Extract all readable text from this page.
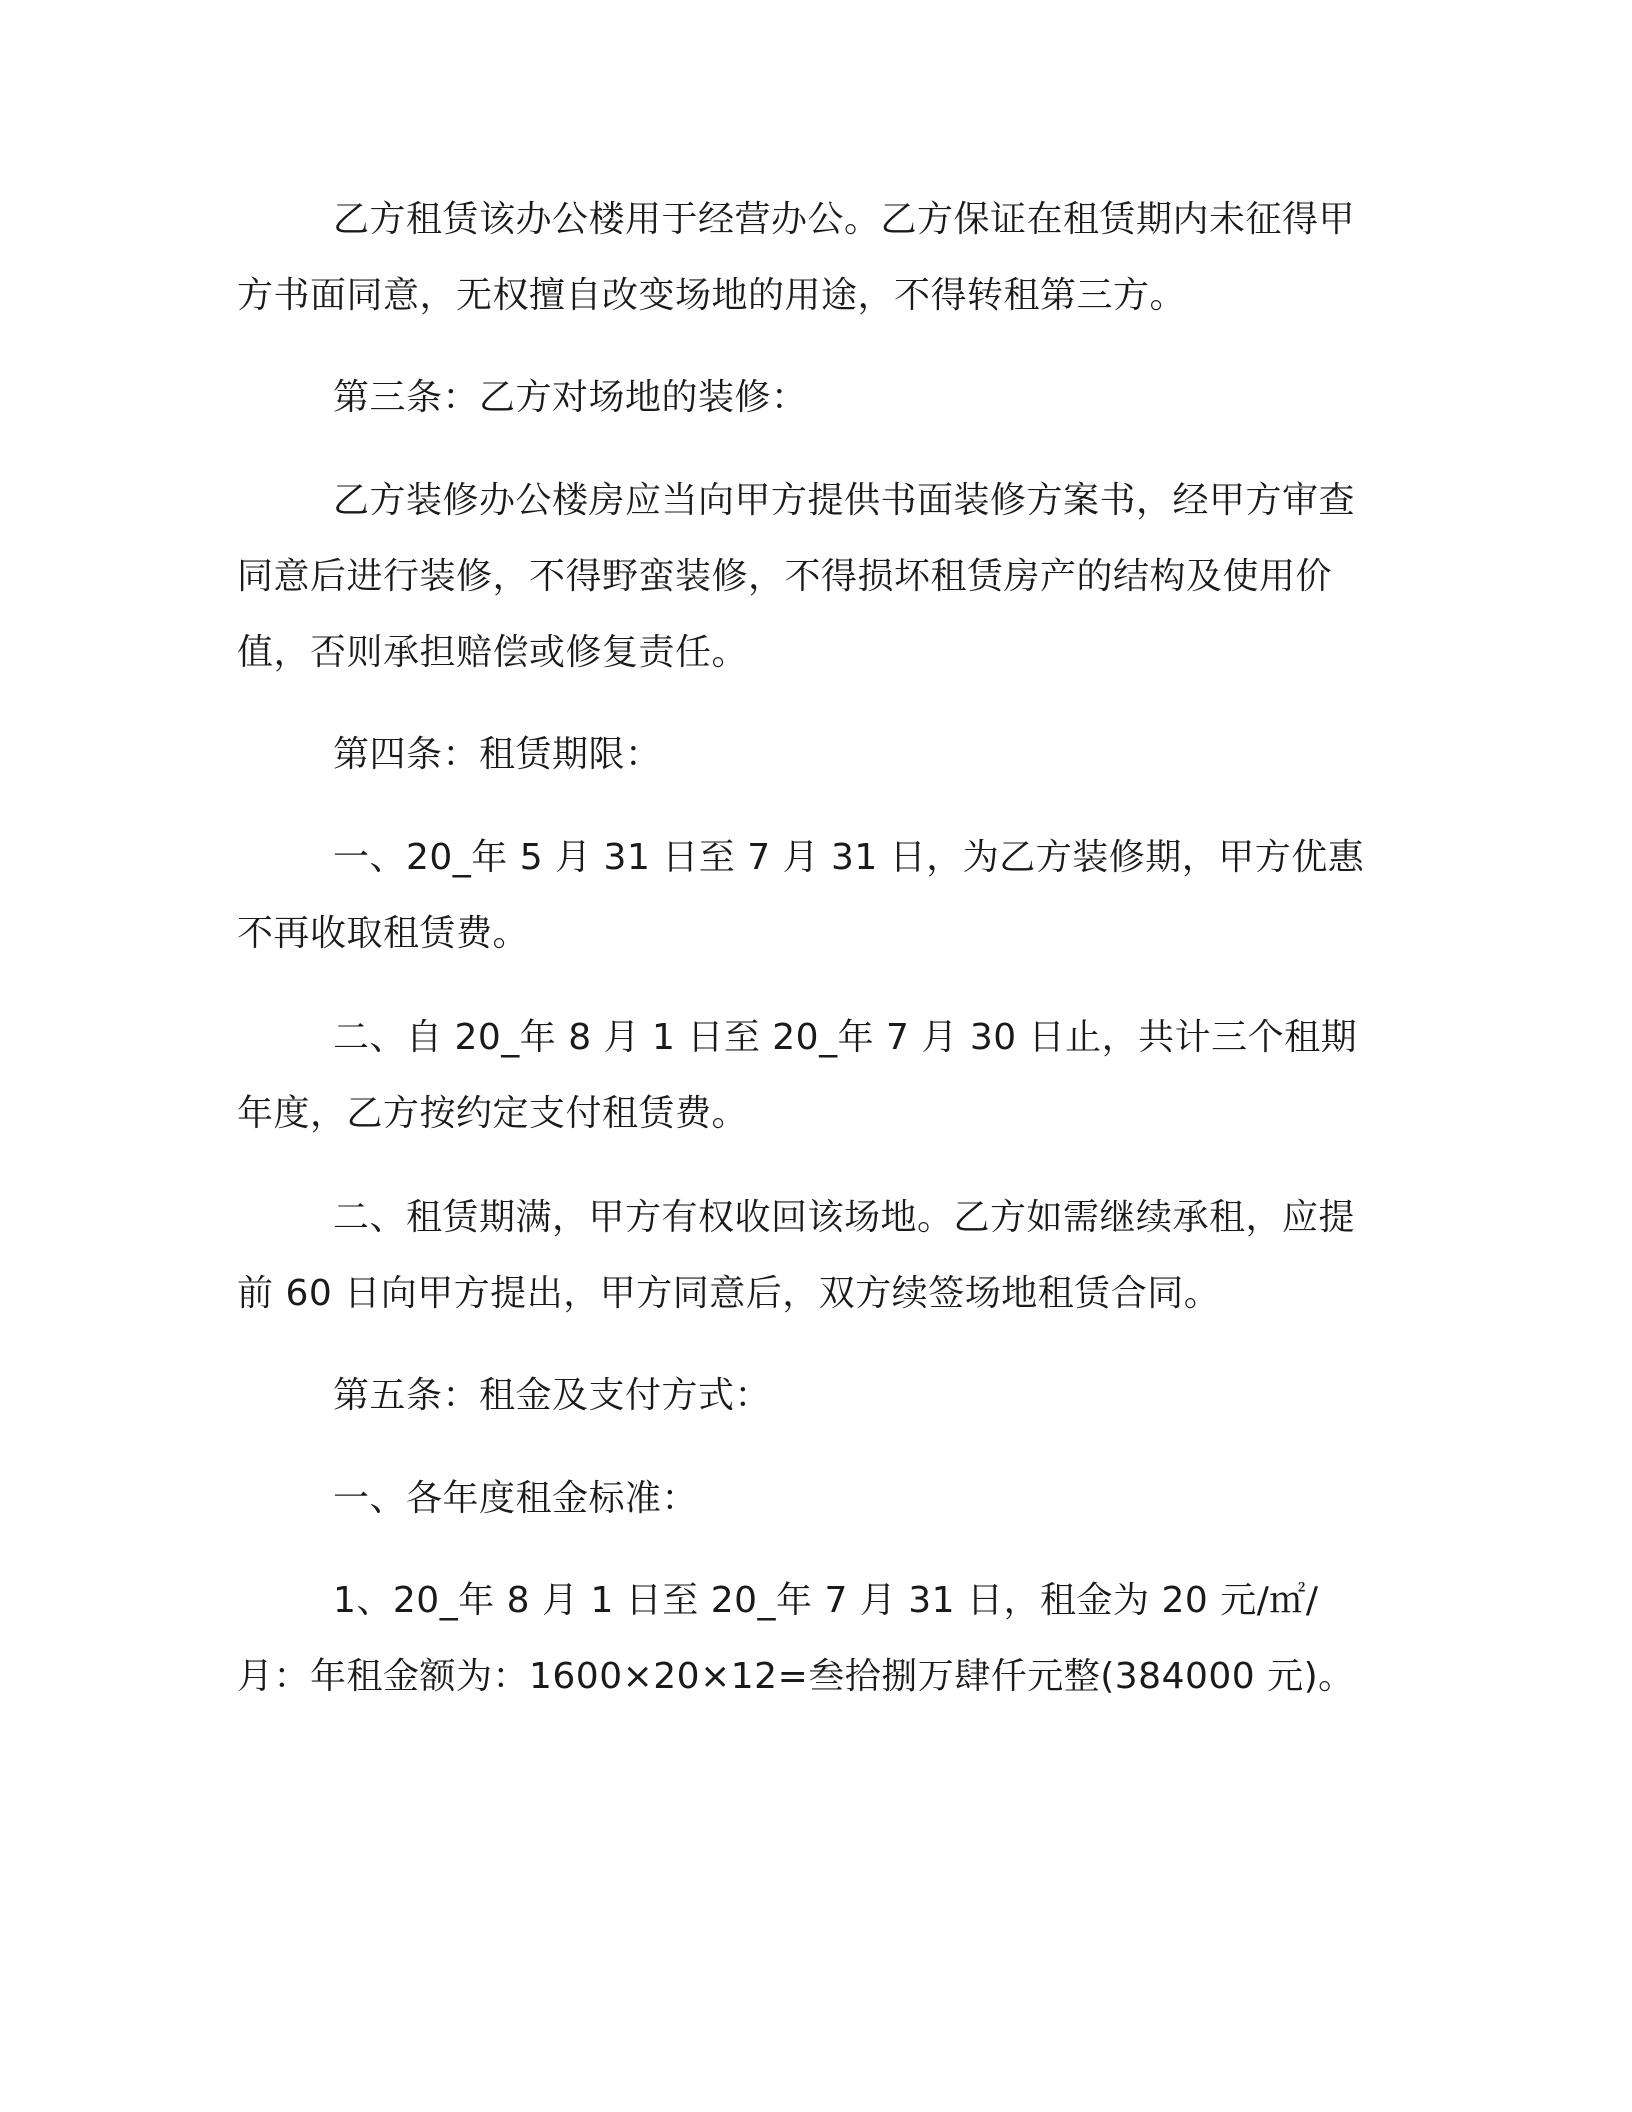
乙方租赁该办公楼用于经营办公。乙方保证在租赁期内未征得甲方书面同意，无权擅自改变场地的用途，不得转租第三方。

第三条：乙方对场地的装修：

乙方装修办公楼房应当向甲方提供书面装修方案书，经甲方审查同意后进行装修，不得野蛮装修，不得损坏租赁房产的结构及使用价值，否则承担赔偿或修复责任。

第四条：租赁期限：

一、20_年 5 月 31 日至 7 月 31 日，为乙方装修期，甲方优惠不再收取租赁费。

二、自 20_年 8 月 1 日至 20_年 7 月 30 日止，共计三个租期年度，乙方按约定支付租赁费。

二、租赁期满，甲方有权收回该场地。乙方如需继续承租，应提前 60 日向甲方提出，甲方同意后，双方续签场地租赁合同。

第五条：租金及支付方式：

一、各年度租金标准：

1、20_年 8 月 1 日至 20_年 7 月 31 日，租金为 20 元/㎡/月：年租金额为：1600×20×12=叁拾捌万肆仟元整(384000 元)。
